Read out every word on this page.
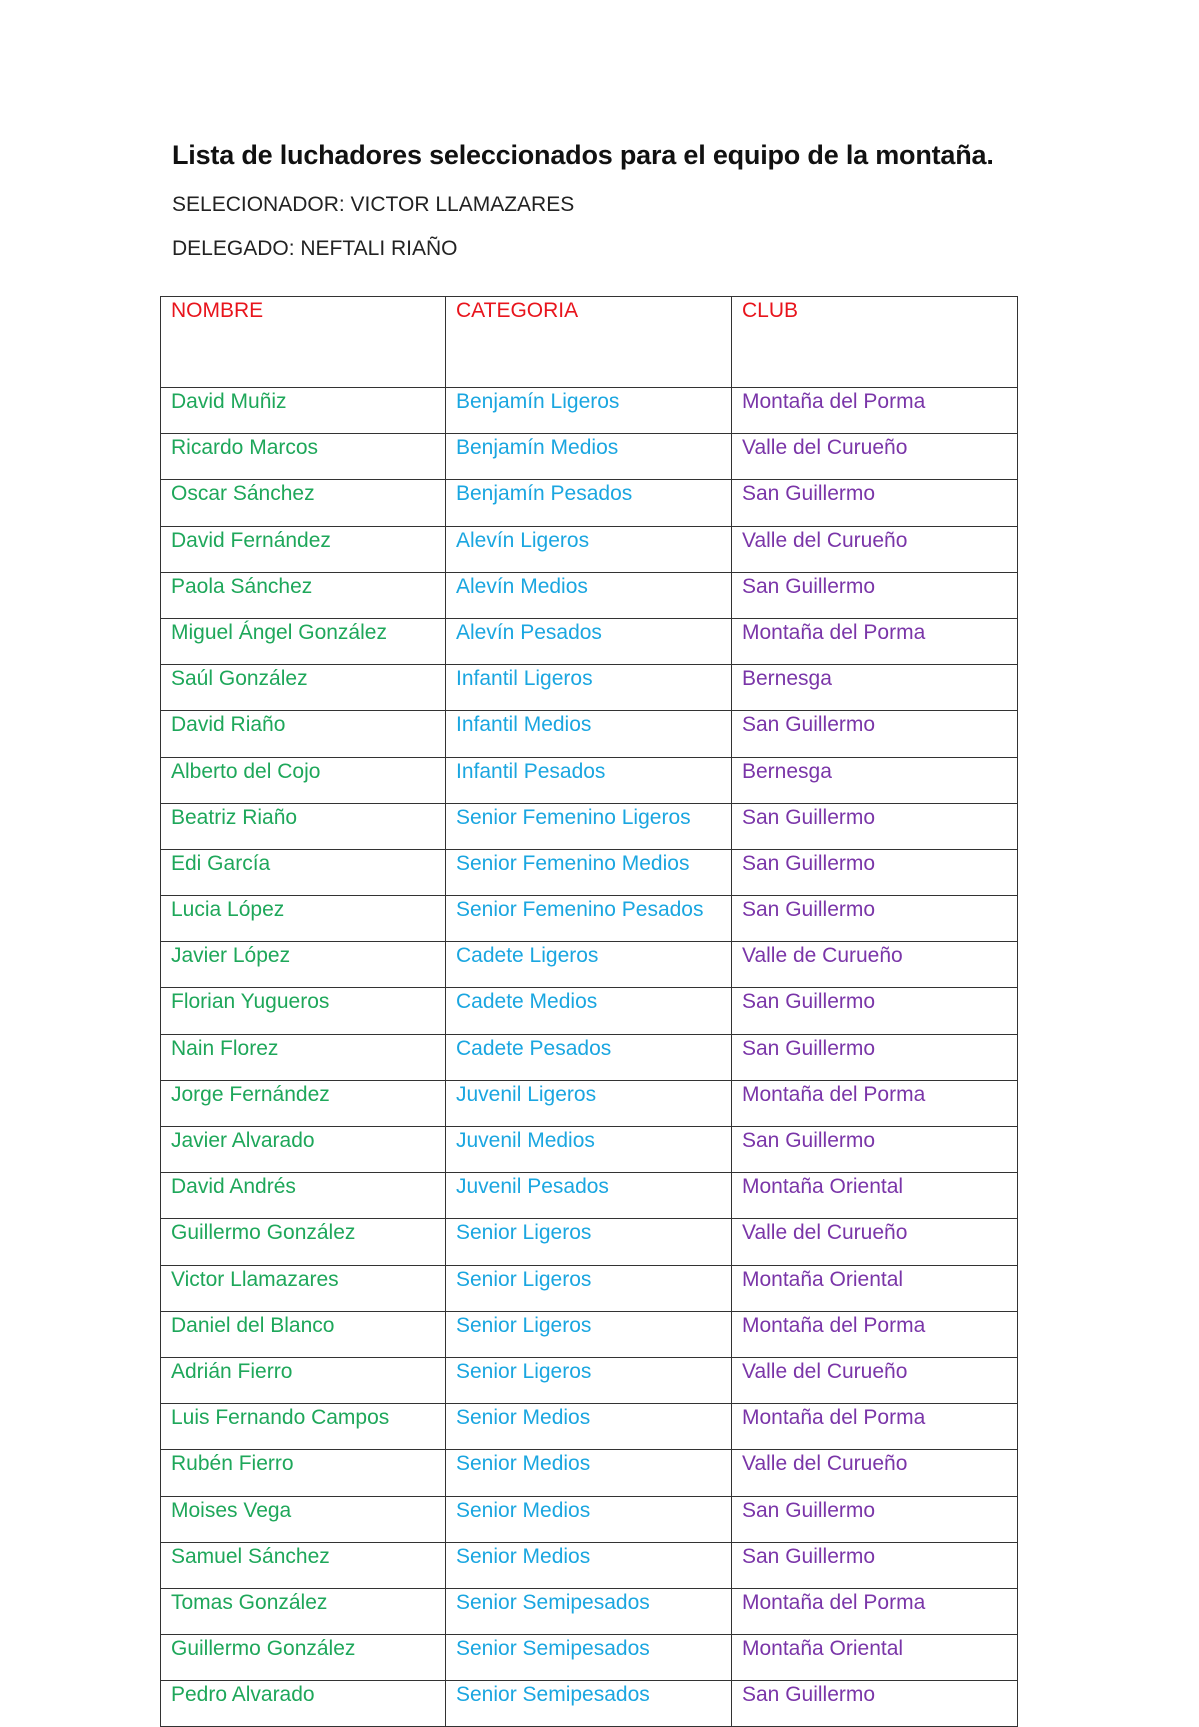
Lista de luchadores seleccionados para el equipo de la montaña.
SELECIONADOR: VICTOR LLAMAZARES
DELEGADO: NEFTALI RIAÑO
NOMBRE	CATEGORIA	CLUB
David Muñiz	Benjamín Ligeros	Montaña del Porma
Ricardo Marcos	Benjamín Medios	Valle del Curueño
Oscar Sánchez	Benjamín Pesados	San Guillermo
David Fernández	Alevín Ligeros	Valle del Curueño
Paola Sánchez	Alevín Medios	San Guillermo
Miguel Ángel González	Alevín Pesados	Montaña del Porma
Saúl González	Infantil Ligeros	Bernesga
David Riaño	Infantil Medios	San Guillermo
Alberto del Cojo	Infantil Pesados	Bernesga
Beatriz Riaño	Senior Femenino Ligeros	San Guillermo
Edi García	Senior Femenino Medios	San Guillermo
Lucia López	Senior Femenino Pesados	San Guillermo
Javier López	Cadete Ligeros	Valle de Curueño
Florian Yugueros	Cadete Medios	San Guillermo
Nain Florez	Cadete Pesados	San Guillermo
Jorge Fernández	Juvenil Ligeros	Montaña del Porma
Javier Alvarado	Juvenil Medios	San Guillermo
David Andrés	Juvenil Pesados	Montaña Oriental
Guillermo González	Senior Ligeros	Valle del Curueño
Victor Llamazares	Senior Ligeros	Montaña Oriental
Daniel del Blanco	Senior Ligeros	Montaña del Porma
Adrián Fierro	Senior Ligeros	Valle del Curueño
Luis Fernando Campos	Senior Medios	Montaña del Porma
Rubén Fierro	Senior Medios	Valle del Curueño
Moises Vega	Senior Medios	San Guillermo
Samuel Sánchez	Senior Medios	San Guillermo
Tomas González	Senior Semipesados	Montaña del Porma
Guillermo González	Senior Semipesados	Montaña Oriental
Pedro Alvarado	Senior Semipesados	San Guillermo
